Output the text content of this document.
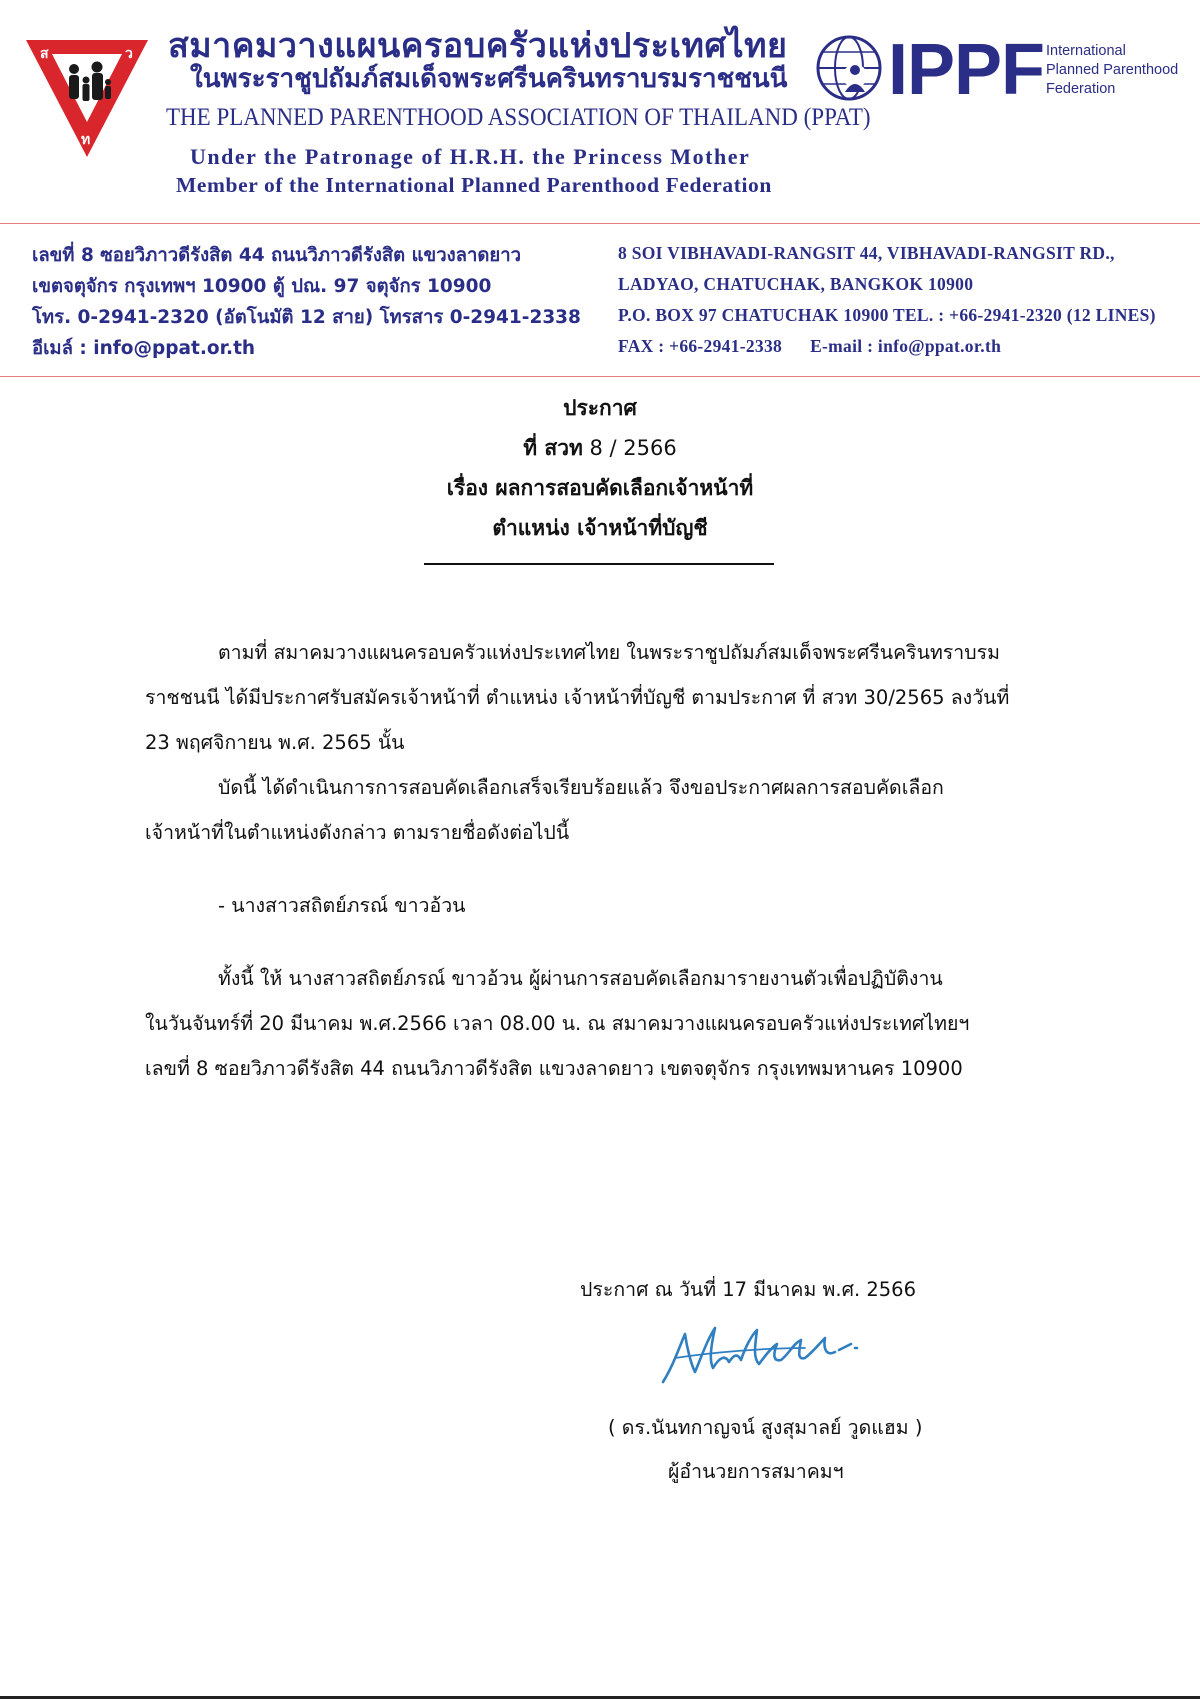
ส	ว
ท
สมาคมวางแผนครอบครัวแห่งประเทศไทย
ในพระราชูปถัมภ์สมเด็จพระศรีนครินทราบรมราชชนนี
THE PLANNED PARENTHOOD ASSOCIATION OF THAILAND (PPAT)
Under the Patronage of H.R.H. the Princess Mother
Member of the International Planned Parenthood Federation
IPPF International
Planned Parenthood
Federation
เลขที่ 8 ซอยวิภาวดีรังสิต 44 ถนนวิภาวดีรังสิต แขวงลาดยาว
เขตจตุจักร กรุงเทพฯ 10900 ตู้ ปณ. 97 จตุจักร 10900
โทร. 0-2941-2320 (อัตโนมัติ 12 สาย) โทรสาร 0-2941-2338
อีเมล์ : info@ppat.or.th
8 SOI VIBHAVADI-RANGSIT 44, VIBHAVADI-RANGSIT RD.,
LADYAO, CHATUCHAK, BANGKOK 10900
P.O. BOX 97 CHATUCHAK 10900 TEL. : +66-2941-2320 (12 LINES)
FAX : +66-2941-2338 E-mail : info@ppat.or.th
ประกาศ
ที่ สวท 8 / 2566
เรื่อง ผลการสอบคัดเลือกเจ้าหน้าที่
ตำแหน่ง เจ้าหน้าที่บัญชี
ตามที่ สมาคมวางแผนครอบครัวแห่งประเทศไทย ในพระราชูปถัมภ์สมเด็จพระศรีนครินทราบรม
ราชชนนี ได้มีประกาศรับสมัครเจ้าหน้าที่ ตำแหน่ง เจ้าหน้าที่บัญชี ตามประกาศ ที่ สวท 30/2565 ลงวันที่
23 พฤศจิกายน พ.ศ. 2565 นั้น
บัดนี้ ได้ดำเนินการการสอบคัดเลือกเสร็จเรียบร้อยแล้ว จึงขอประกาศผลการสอบคัดเลือก
เจ้าหน้าที่ในตำแหน่งดังกล่าว ตามรายชื่อดังต่อไปนี้
- นางสาวสถิตย์ภรณ์ ขาวอ้วน
ทั้งนี้ ให้ นางสาวสถิตย์ภรณ์ ขาวอ้วน ผู้ผ่านการสอบคัดเลือกมารายงานตัวเพื่อปฏิบัติงาน
ในวันจันทร์ที่ 20 มีนาคม พ.ศ.2566 เวลา 08.00 น. ณ สมาคมวางแผนครอบครัวแห่งประเทศไทยฯ
เลขที่ 8 ซอยวิภาวดีรังสิต 44 ถนนวิภาวดีรังสิต แขวงลาดยาว เขตจตุจักร กรุงเทพมหานคร 10900
ประกาศ ณ วันที่ 17 มีนาคม พ.ศ. 2566
( ดร.นันทกาญจน์ สูงสุมาลย์ วูดแฮม )
ผู้อำนวยการสมาคมฯ
